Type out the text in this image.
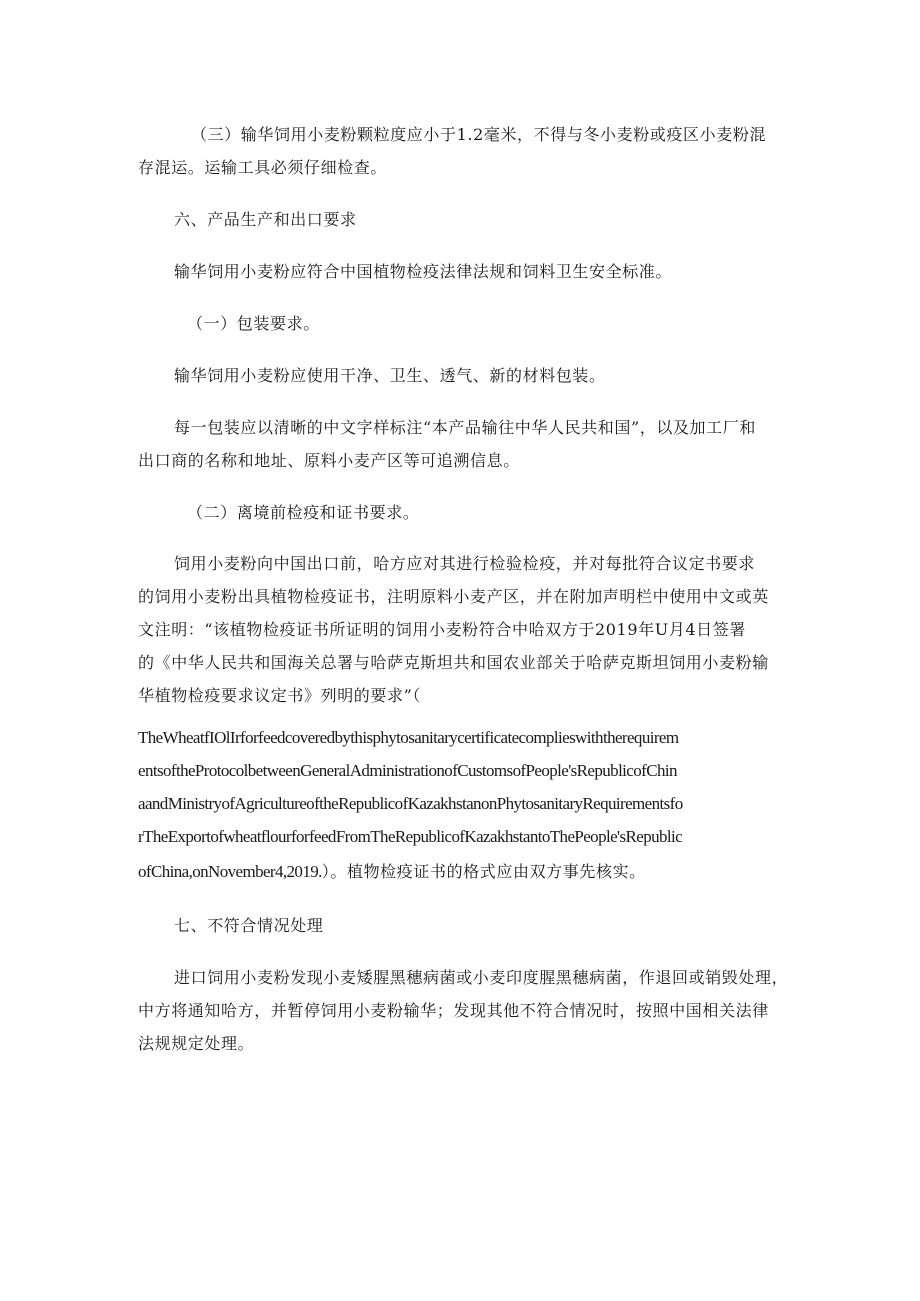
（三）输华饲用小麦粉颗粒度应小于1.2毫米，不得与冬小麦粉或疫区小麦粉混
存混运。运输工具必须仔细检查。
六、产品生产和出口要求
输华饲用小麦粉应符合中国植物检疫法律法规和饲料卫生安全标准。
（一）包装要求。
输华饲用小麦粉应使用干净、卫生、透气、新的材料包装。
每一包装应以清晰的中文字样标注“本产品输往中华人民共和国”，以及加工厂和
出口商的名称和地址、原料小麦产区等可追溯信息。
（二）离境前检疫和证书要求。
饲用小麦粉向中国出口前，哈方应对其进行检验检疫，并对每批符合议定书要求
的饲用小麦粉出具植物检疫证书，注明原料小麦产区，并在附加声明栏中使用中文或英
文注明：“该植物检疫证书所证明的饲用小麦粉符合中哈双方于2019年U月4日签署
的《中华人民共和国海关总署与哈萨克斯坦共和国农业部关于哈萨克斯坦饲用小麦粉输
华植物检疫要求议定书》列明的要求”（
TheWheatfIOlIrforfeedcoveredbythisphytosanitarycertificatecomplieswiththerequirem
entsoftheProtocolbetweenGeneralAdministrationofCustomsofPeople'sRepublicofChin
aandMinistryofAgricultureoftheRepublicofKazakhstanonPhytosanitaryRequirementsfo
rTheExportofwheatflourforfeedFromTheRepublicofKazakhstantoThePeople'sRepublic
ofChina,onNovember4,2019.）。植物检疫证书的格式应由双方事先核实。
七、不符合情况处理
进口饲用小麦粉发现小麦矮腥黑穗病菌或小麦印度腥黑穗病菌，作退回或销毁处理，
中方将通知哈方，并暂停饲用小麦粉输华；发现其他不符合情况时，按照中国相关法律
法规规定处理。
